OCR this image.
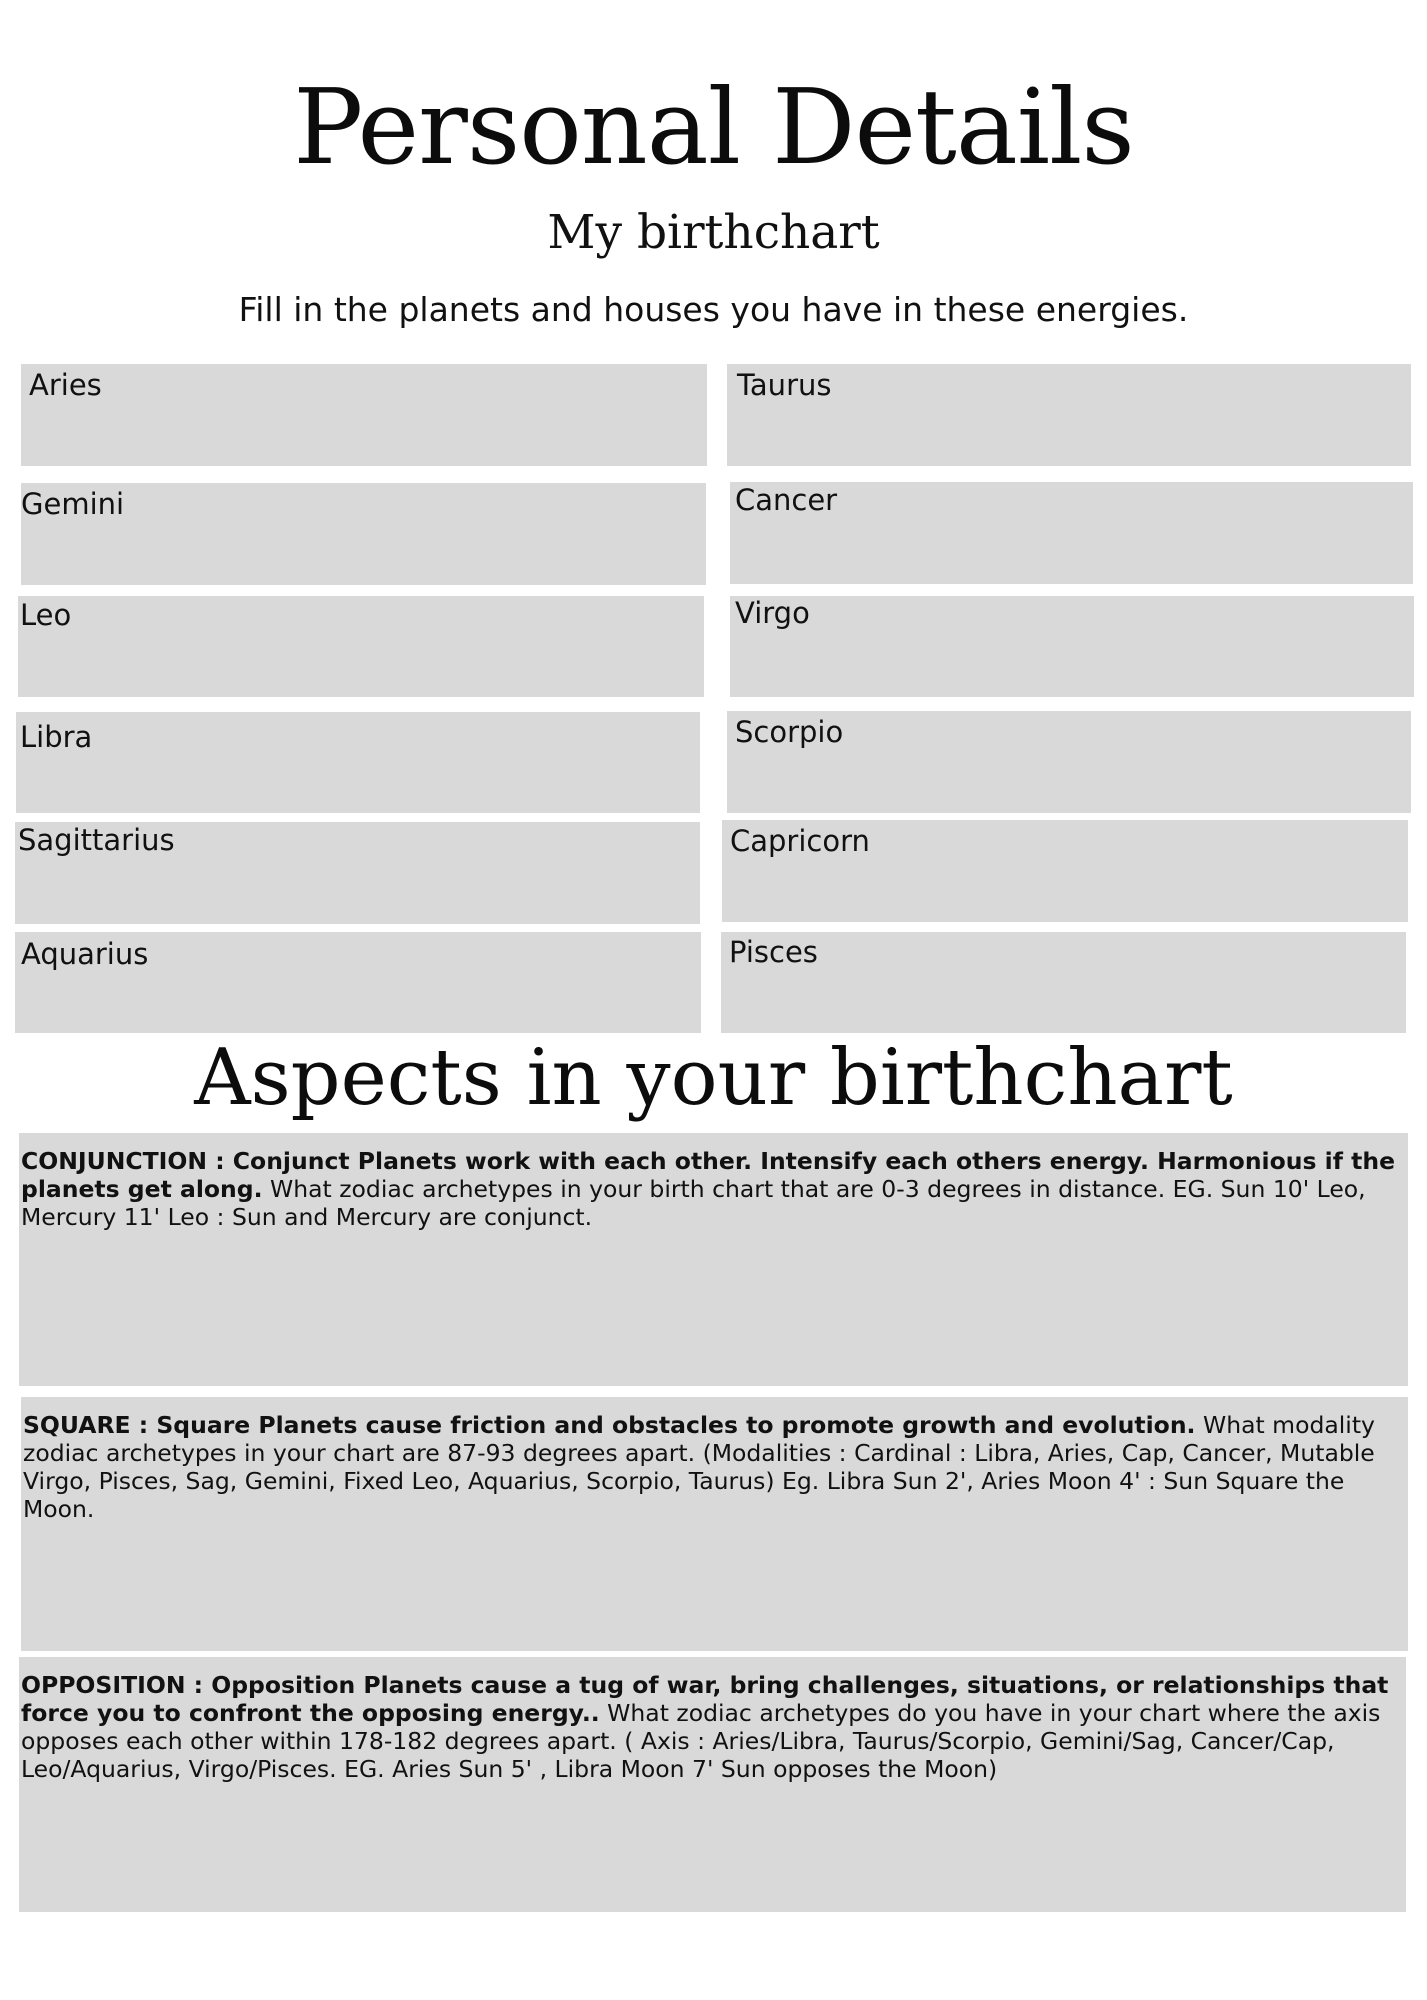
Personal Details
My birthchart
Fill in the planets and houses you have in these energies.
Aries	Taurus
Gemini	Cancer
Leo	Virgo
Libra	Scorpio
Sagittarius	Capricorn
Aquarius	Pisces
Aspects in your birthchart

CONJUNCTION : Conjunct Planets work with each other. Intensify each others energy. Harmonious if the planets get along. What zodiac archetypes in your birth chart that are 0-3 degrees in distance. EG. Sun 10' Leo, Mercury 11' Leo : Sun and Mercury are conjunct.

SQUARE : Square Planets cause friction and obstacles to promote growth and evolution. What modality zodiac archetypes in your chart are 87-93 degrees apart. (Modalities : Cardinal : Libra, Aries, Cap, Cancer, Mutable Virgo, Pisces, Sag, Gemini, Fixed Leo, Aquarius, Scorpio, Taurus) Eg. Libra Sun 2', Aries Moon 4' : Sun Square the Moon.

OPPOSITION : Opposition Planets cause a tug of war, bring challenges, situations, or relationships that force you to confront the opposing energy.. What zodiac archetypes do you have in your chart where the axis opposes each other within 178-182 degrees apart. ( Axis : Aries/Libra, Taurus/Scorpio, Gemini/Sag, Cancer/Cap, Leo/Aquarius, Virgo/Pisces. EG. Aries Sun 5' , Libra Moon 7' Sun opposes the Moon)
